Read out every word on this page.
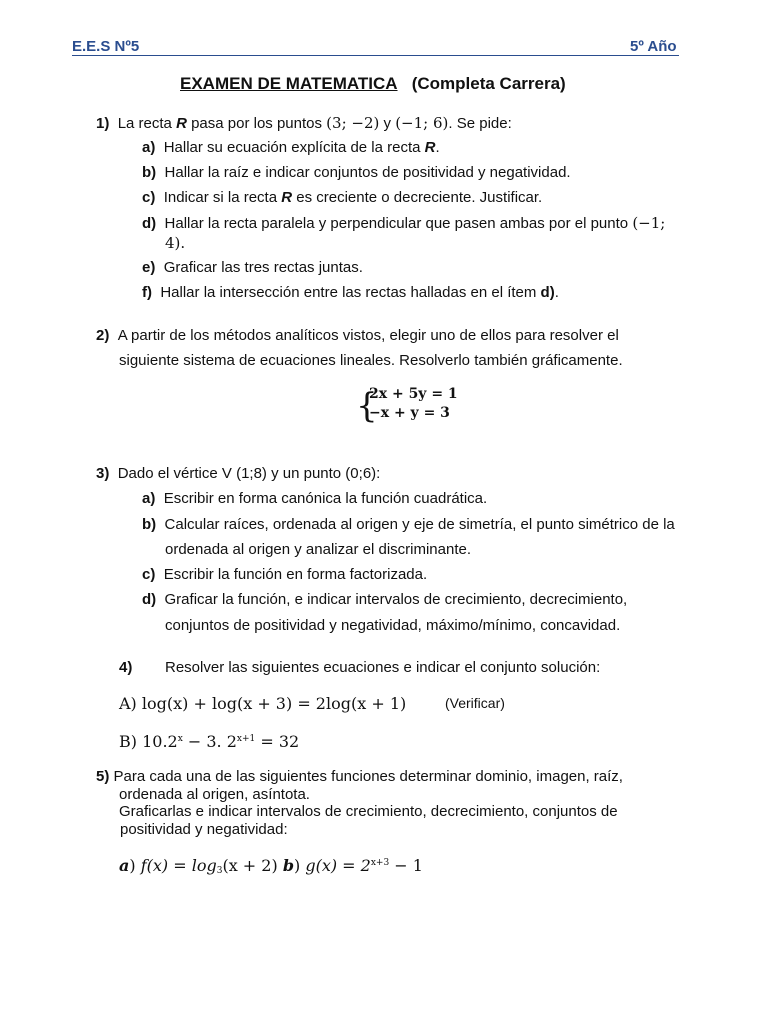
E.E.S Nº5	5º Año
EXAMEN DE MATEMATICA (Completa Carrera)
1) La recta R pasa por los puntos (3; −2) y (−1; 6). Se pide:
a) Hallar su ecuación explícita de la recta R.
b) Hallar la raíz e indicar conjuntos de positividad y negatividad.
c) Indicar si la recta R es creciente o decreciente. Justificar.
d) Hallar la recta paralela y perpendicular que pasen ambas por el punto (−1;
4).
e) Graficar las tres rectas juntas.
f) Hallar la intersección entre las rectas halladas en el ítem d).
2) A partir de los métodos analíticos vistos, elegir uno de ellos para resolver el
siguiente sistema de ecuaciones lineales. Resolverlo también gráficamente.
{
2x + 5y = 1
−x + y = 3
3) Dado el vértice V (1;8) y un punto (0;6):
a) Escribir en forma canónica la función cuadrática.
b) Calcular raíces, ordenada al origen y eje de simetría, el punto simétrico de la
ordenada al origen y analizar el discriminante.
c) Escribir la función en forma factorizada.
d) Graficar la función, e indicar intervalos de crecimiento, decrecimiento,
conjuntos de positividad y negatividad, máximo/mínimo, concavidad.
4) Resolver las siguientes ecuaciones e indicar el conjunto solución:
A) log(x) + log(x + 3) = 2log(x + 1)	(Verificar)
B) $10.2^x - 3$. $2^{x+1} = 32$
5) Para cada una de las siguientes funciones determinar dominio, imagen, raíz,
ordenada al origen, asíntota.
Graficarlas e indicar intervalos de crecimiento, decrecimiento, conjuntos de
positividad y negatividad:
a) f(x) = log3(x + 2) b) $g(x) = 2^{x+3} - 1$
